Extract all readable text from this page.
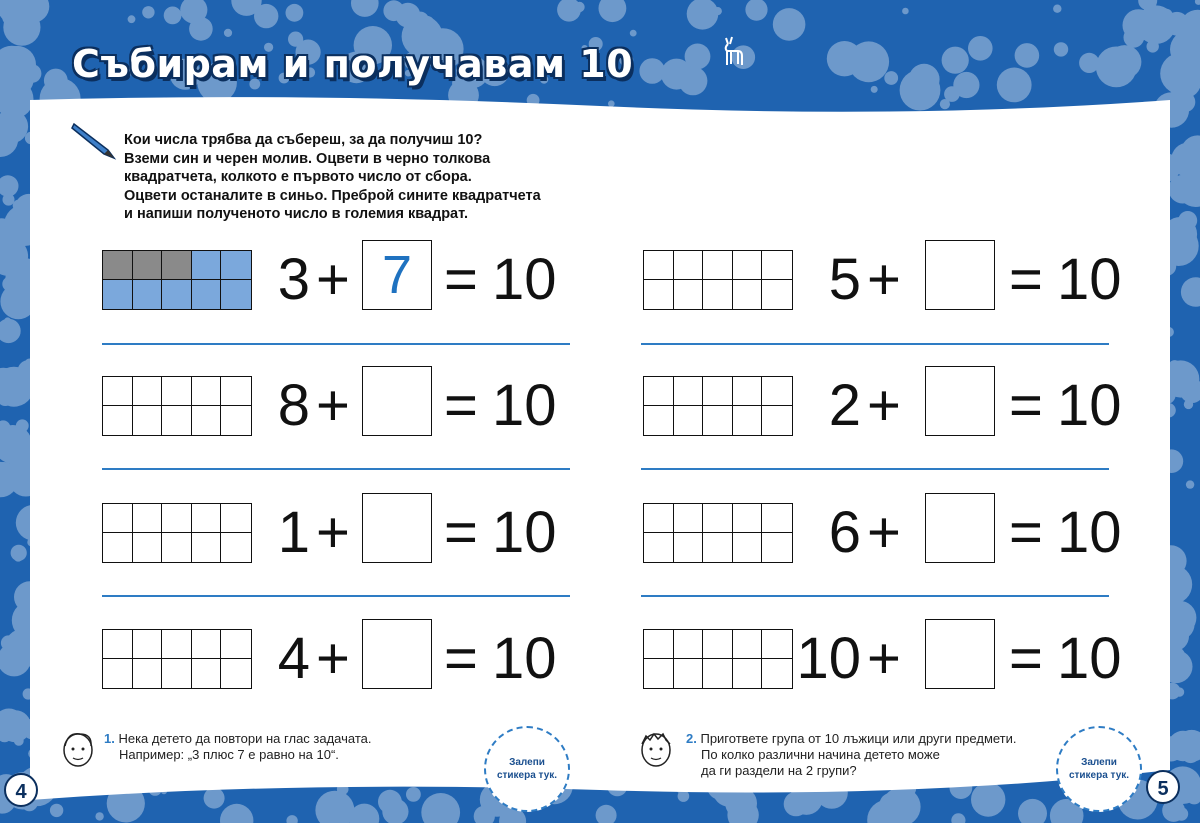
Събирам и получавам 10
Кои числа трябва да събереш, за да получиш 10?
Вземи син и черен молив. Оцвети в черно толкова
квадратчета, колкото е първото число от сбора.
Оцвети останалите в синьо. Преброй сините квадратчета
и напиши полученото число в големия квадрат.
3 + 7 = 10	5 + = 10
8 + = 10	2 + = 10
1 + = 10	6 + = 10
4 + = 10	10 + = 10
1. Нека детето да повтори на глас задачата.
Например: „3 плюс 7 е равно на 10“.
2. Пригответе група от 10 лъжици или други предмети.
По колко различни начина детето може
да ги раздели на 2 групи?
Залепи
стикера тук.
Залепи
стикера тук.
4	5
